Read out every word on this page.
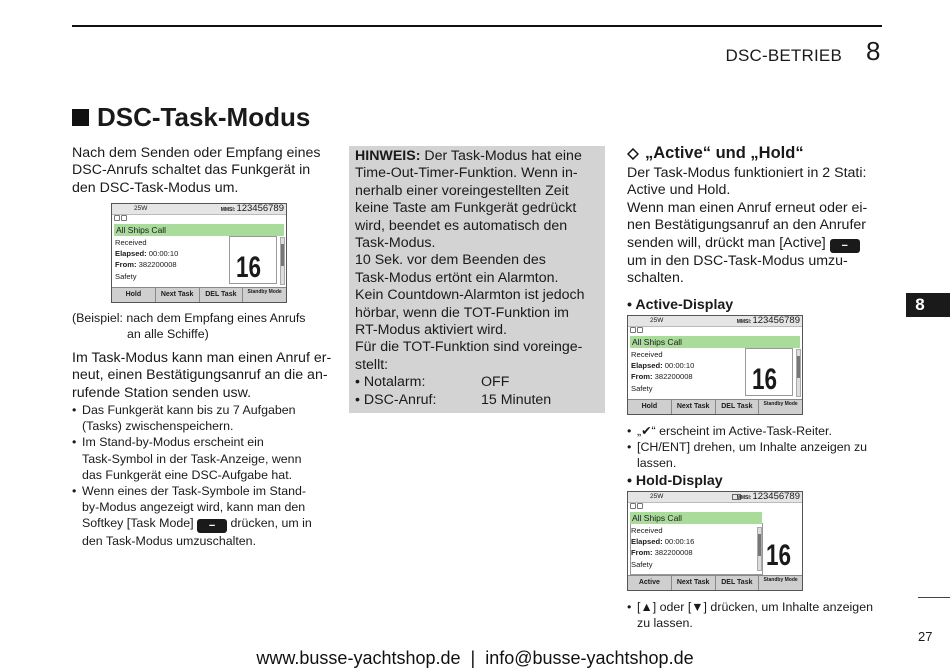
DSC-BETRIEB 8
DSC-Task-Modus
Nach dem Senden oder Empfang eines
DSC-Anrufs schaltet das Funkgerät in
den DSC-Task-Modus um.
25W	MMSI:123456789
All Ships Call
Received
Elapsed: 00:00:10
From: 382200008
Safety	16
Hold	Next Task	DEL Task	Standby Mode
(Beispiel: nach dem Empfang eines Anrufs
an alle Schiffe)
Im Task-Modus kann man einen Anruf er-
neut, einen Bestätigungsanruf an die an-
rufende Station senden usw.
• Das Funkgerät kann bis zu 7 Aufgaben
(Tasks) zwischenspeichern.
• Im Stand-by-Modus erscheint ein
Task-Symbol in der Task-Anzeige, wenn
das Funkgerät eine DSC-Aufgabe hat.
• Wenn eines der Task-Symbole im Stand-
by-Modus angezeigt wird, kann man den
Softkey [Task Mode] − drücken, um in
den Task-Modus umzuschalten.
HINWEIS: Der Task-Modus hat eine
Time-Out-Timer-Funktion. Wenn in-
nerhalb einer voreingestellten Zeit
keine Taste am Funkgerät gedrückt
wird, beendet es automatisch den
Task-Modus.
10 Sek. vor dem Beenden des
Task-Modus ertönt ein Alarmton.
Kein Countdown-Alarmton ist jedoch
hörbar, wenn die TOT-Funktion im
RT-Modus aktiviert wird.
Für die TOT-Funktion sind voreinge-
stellt:
• Notalarm:	OFF
• DSC-Anruf:	15 Minuten
„Active“ und „Hold“
Der Task-Modus funktioniert in 2 Stati:
Active und Hold.
Wenn man einen Anruf erneut oder ei-
nen Bestätigungsanruf an den Anrufer
senden will, drückt man [Active] −
um in den DSC-Task-Modus umzu-
schalten.
• Active-Display
25W	MMSI:123456789
All Ships Call
Received
Elapsed: 00:00:10
From: 382200008
Safety	16
Hold	Next Task	DEL Task	Standby Mode
• „✔“ erscheint im Active-Task-Reiter.
• [CH/ENT] drehen, um Inhalte anzeigen zu
lassen.
• Hold-Display
25W	MMSI:123456789
All Ships Call
Received
Elapsed: 00:00:16
From: 382200008
Safety	16
Active	Next Task	DEL Task	Standby Mode
• [▲] oder [▼] drücken, um Inhalte anzeigen
zu lassen.
8
27
www.busse-yachtshop.de  |  info@busse-yachtshop.de
